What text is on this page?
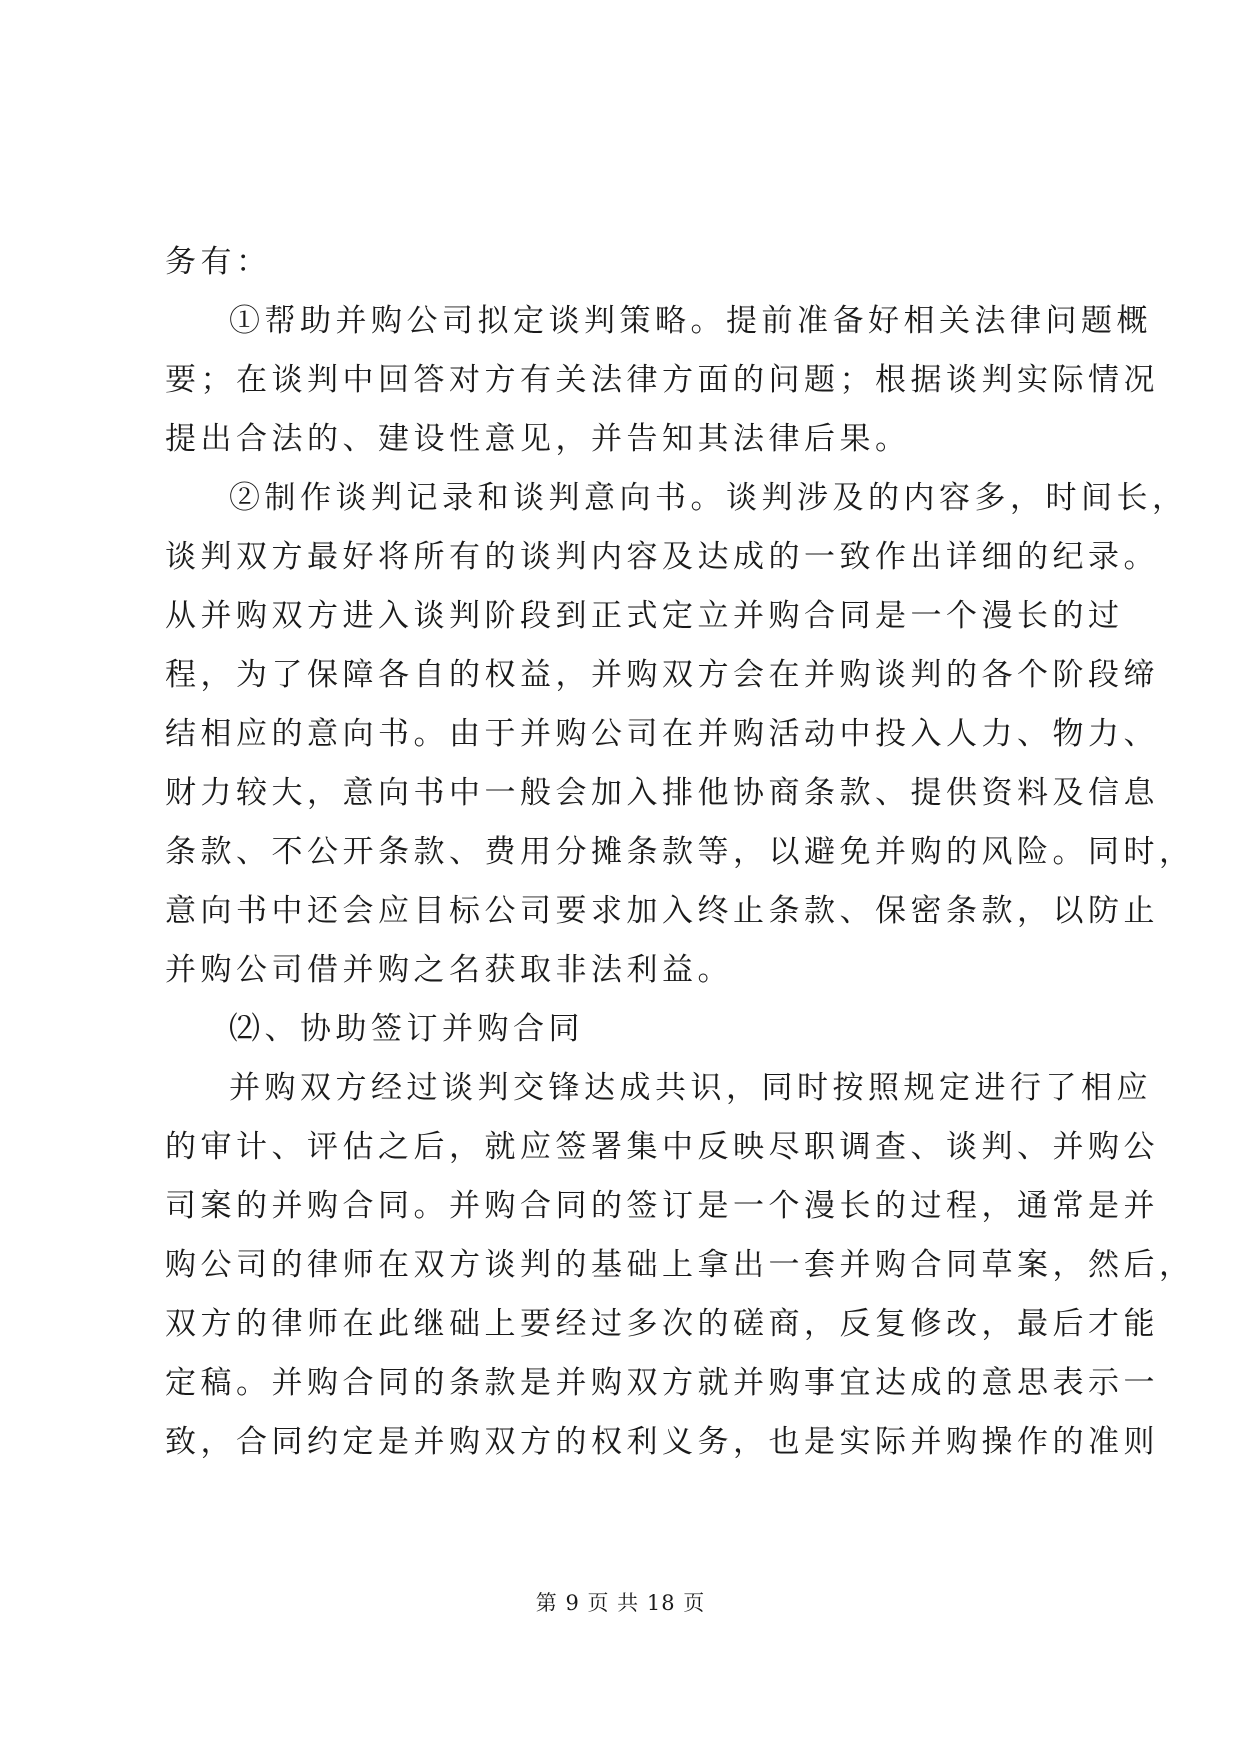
务有：
①帮助并购公司拟定谈判策略。提前准备好相关法律问题概
要；在谈判中回答对方有关法律方面的问题；根据谈判实际情况
提出合法的、建设性意见，并告知其法律后果。
②制作谈判记录和谈判意向书。谈判涉及的内容多，时间长，
谈判双方最好将所有的谈判内容及达成的一致作出详细的纪录。
从并购双方进入谈判阶段到正式定立并购合同是一个漫长的过
程，为了保障各自的权益，并购双方会在并购谈判的各个阶段缔
结相应的意向书。由于并购公司在并购活动中投入人力、物力、
财力较大，意向书中一般会加入排他协商条款、提供资料及信息
条款、不公开条款、费用分摊条款等，以避免并购的风险。同时，
意向书中还会应目标公司要求加入终止条款、保密条款，以防止
并购公司借并购之名获取非法利益。
⑵、协助签订并购合同
并购双方经过谈判交锋达成共识，同时按照规定进行了相应
的审计、评估之后，就应签署集中反映尽职调查、谈判、并购公
司案的并购合同。并购合同的签订是一个漫长的过程，通常是并
购公司的律师在双方谈判的基础上拿出一套并购合同草案，然后，
双方的律师在此继础上要经过多次的磋商，反复修改，最后才能
定稿。并购合同的条款是并购双方就并购事宜达成的意思表示一
致，合同约定是并购双方的权利义务，也是实际并购操作的准则
第 9 页 共 18 页
